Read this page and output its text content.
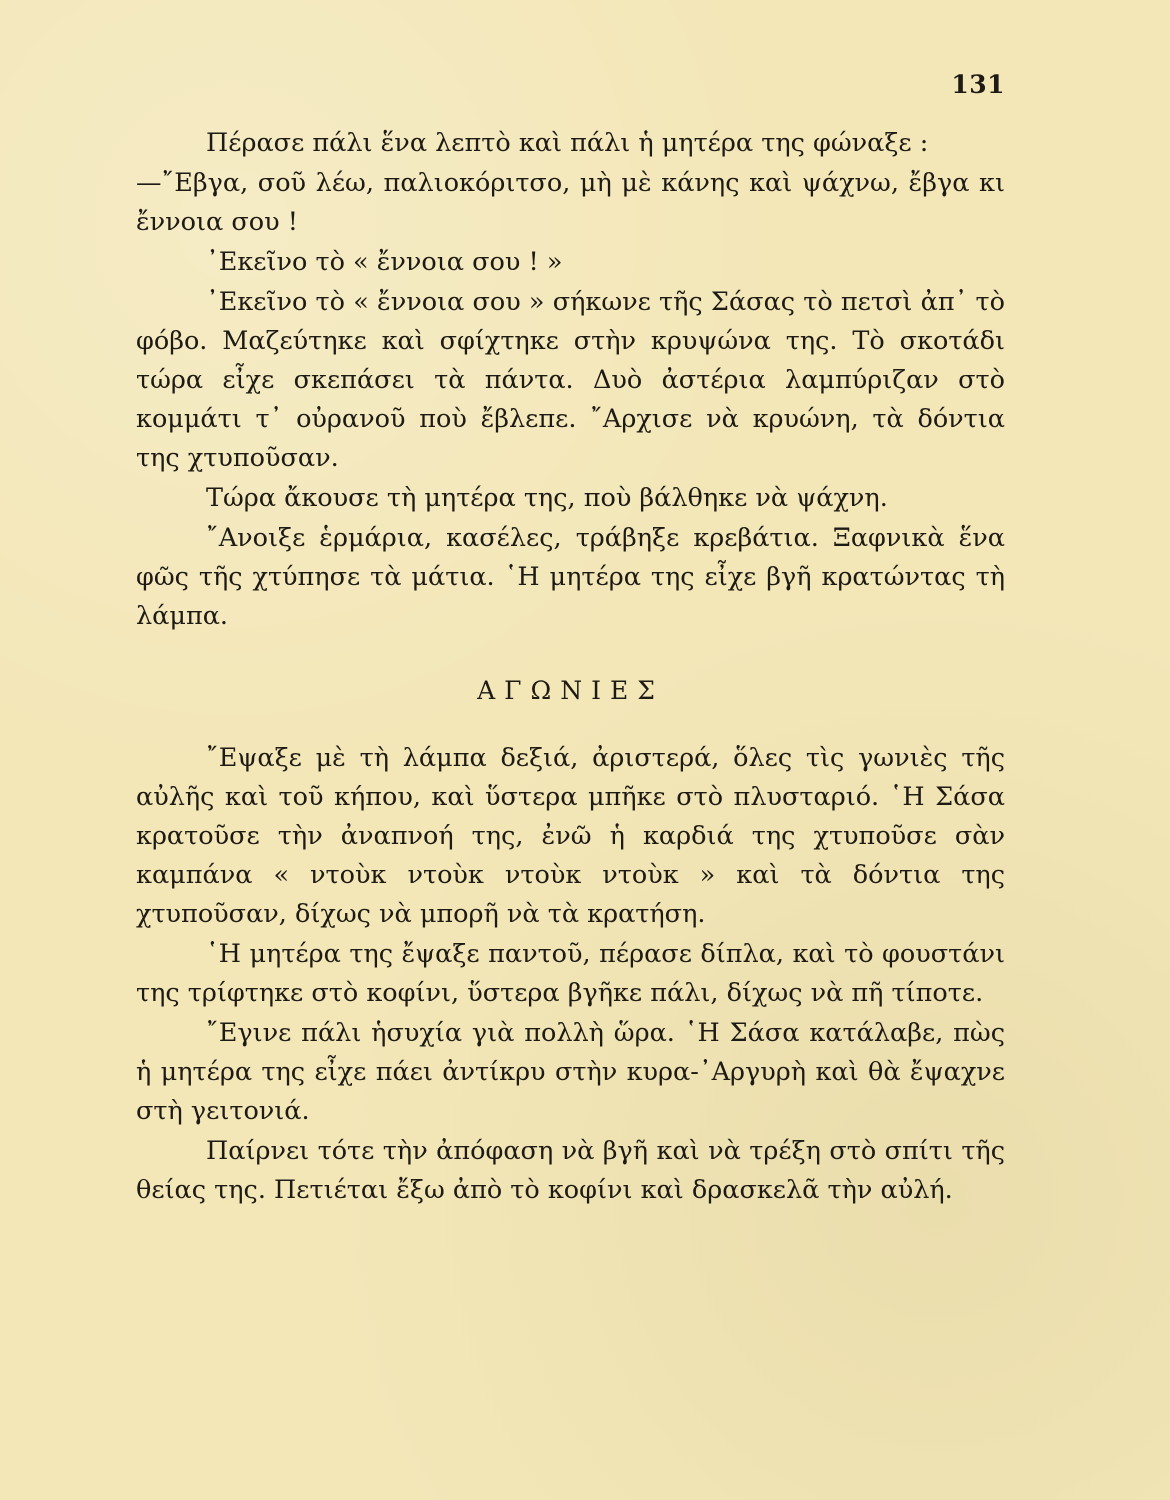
131

Πέρασε πάλι ἕνα λεπτὸ καὶ πάλι ἡ μητέρα της φώναξε :

—῎Εβγα, σοῦ λέω, παλιοκόριτσο, μὴ μὲ κάνης καὶ ψάχνω, ἔβγα κι ἔννοια σου !

᾿Εκεῖνο τὸ « ἔννοια σου ! »

᾿Εκεῖνο τὸ « ἔννοια σου » σήκωνε τῆς Σάσας τὸ πετσὶ ἀπ᾿ τὸ φόβο. Μαζεύτηκε καὶ σφίχτηκε στὴν κρυψώνα της. Τὸ σκοτάδι τώρα εἶχε σκεπάσει τὰ πάντα. Δυὸ ἀστέρια λαμπύριζαν στὸ κομμάτι τ᾿ οὐρανοῦ ποὺ ἔβλεπε. ῎Αρχισε νὰ κρυώνη, τὰ δόντια της χτυποῦσαν.

Τώρα ἄκουσε τὴ μητέρα της, ποὺ βάλθηκε νὰ ψάχνη.

῎Ανοιξε ἑρμάρια, κασέλες, τράβηξε κρεβάτια. Ξαφνικὰ ἕνα φῶς τῆς χτύπησε τὰ μάτια. ῾Η μητέρα της εἶχε βγῆ κρατώντας τὴ λάμπα.

ΑΓΩΝΙΕΣ

῎Εψαξε μὲ τὴ λάμπα δεξιά, ἀριστερά, ὅλες τὶς γωνιὲς τῆς αὐλῆς καὶ τοῦ κήπου, καὶ ὕστερα μπῆκε στὸ πλυσταριό. ῾Η Σάσα κρατοῦσε τὴν ἀναπνοή της, ἐνῶ ἡ καρδιά της χτυποῦσε σὰν καμπάνα « ντοὺκ ντοὺκ ντοὺκ ντοὺκ » καὶ τὰ δόντια της χτυποῦσαν, δίχως νὰ μπορῆ νὰ τὰ κρατήση.

῾Η μητέρα της ἔψαξε παντοῦ, πέρασε δίπλα, καὶ τὸ φουστάνι της τρίφτηκε στὸ κοφίνι, ὕστερα βγῆκε πάλι, δίχως νὰ πῆ τίποτε.

῎Εγινε πάλι ἡσυχία γιὰ πολλὴ ὥρα. ῾Η Σάσα κατάλαβε, πὼς ἡ μητέρα της εἶχε πάει ἀντίκρυ στὴν κυρα-᾿Αργυρὴ καὶ θὰ ἔψαχνε στὴ γειτονιά.

Παίρνει τότε τὴν ἀπόφαση νὰ βγῆ καὶ νὰ τρέξη στὸ σπίτι τῆς θείας της. Πετιέται ἔξω ἀπὸ τὸ κοφίνι καὶ δρασκελᾶ τὴν αὐλή.
